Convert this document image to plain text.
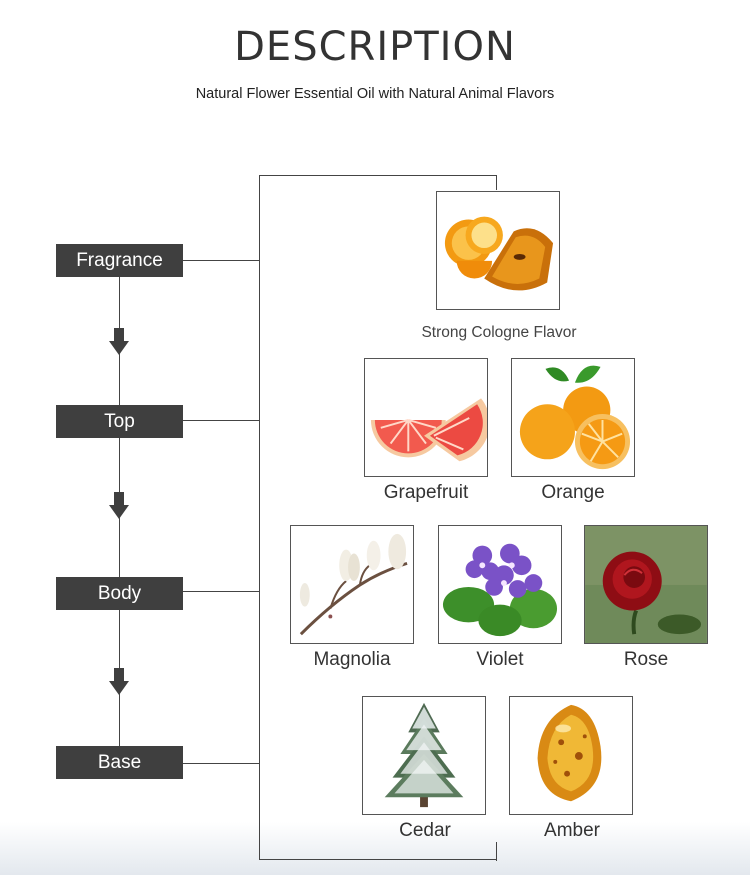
DESCRIPTION
Natural Flower Essential Oil with Natural Animal Flavors
Fragrance
Top
Body
Base
Strong Cologne Flavor
Grapefruit	Orange
Magnolia	Violet	Rose
Cedar	Amber
